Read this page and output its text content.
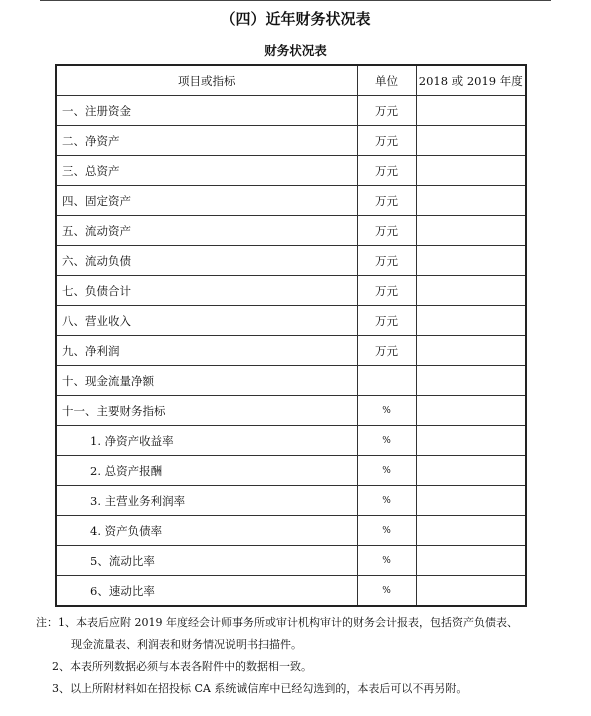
（四）近年财务状况表
财务状况表
项目或指标	单位	2018 或 2019 年度
一、注册资金	万元	
二、净资产	万元	
三、总资产	万元	
四、固定资产	万元	
五、流动资产	万元	
六、流动负债	万元	
七、负债合计	万元	
八、营业收入	万元	
九、净利润	万元	
十、现金流量净额		
十一、主要财务指标	%	
1. 净资产收益率	%	
2. 总资产报酬	%	
3. 主营业务利润率	%	
4. 资产负债率	%	
5、流动比率	%	
6、速动比率	%	
注：1、本表后应附 2019 年度经会计师事务所或审计机构审计的财务会计报表，包括资产负债表、
现金流量表、利润表和财务情况说明书扫描件。
2、本表所列数据必须与本表各附件中的数据相一致。
3、以上所附材料如在招投标 CA 系统诚信库中已经勾选到的，本表后可以不再另附。
